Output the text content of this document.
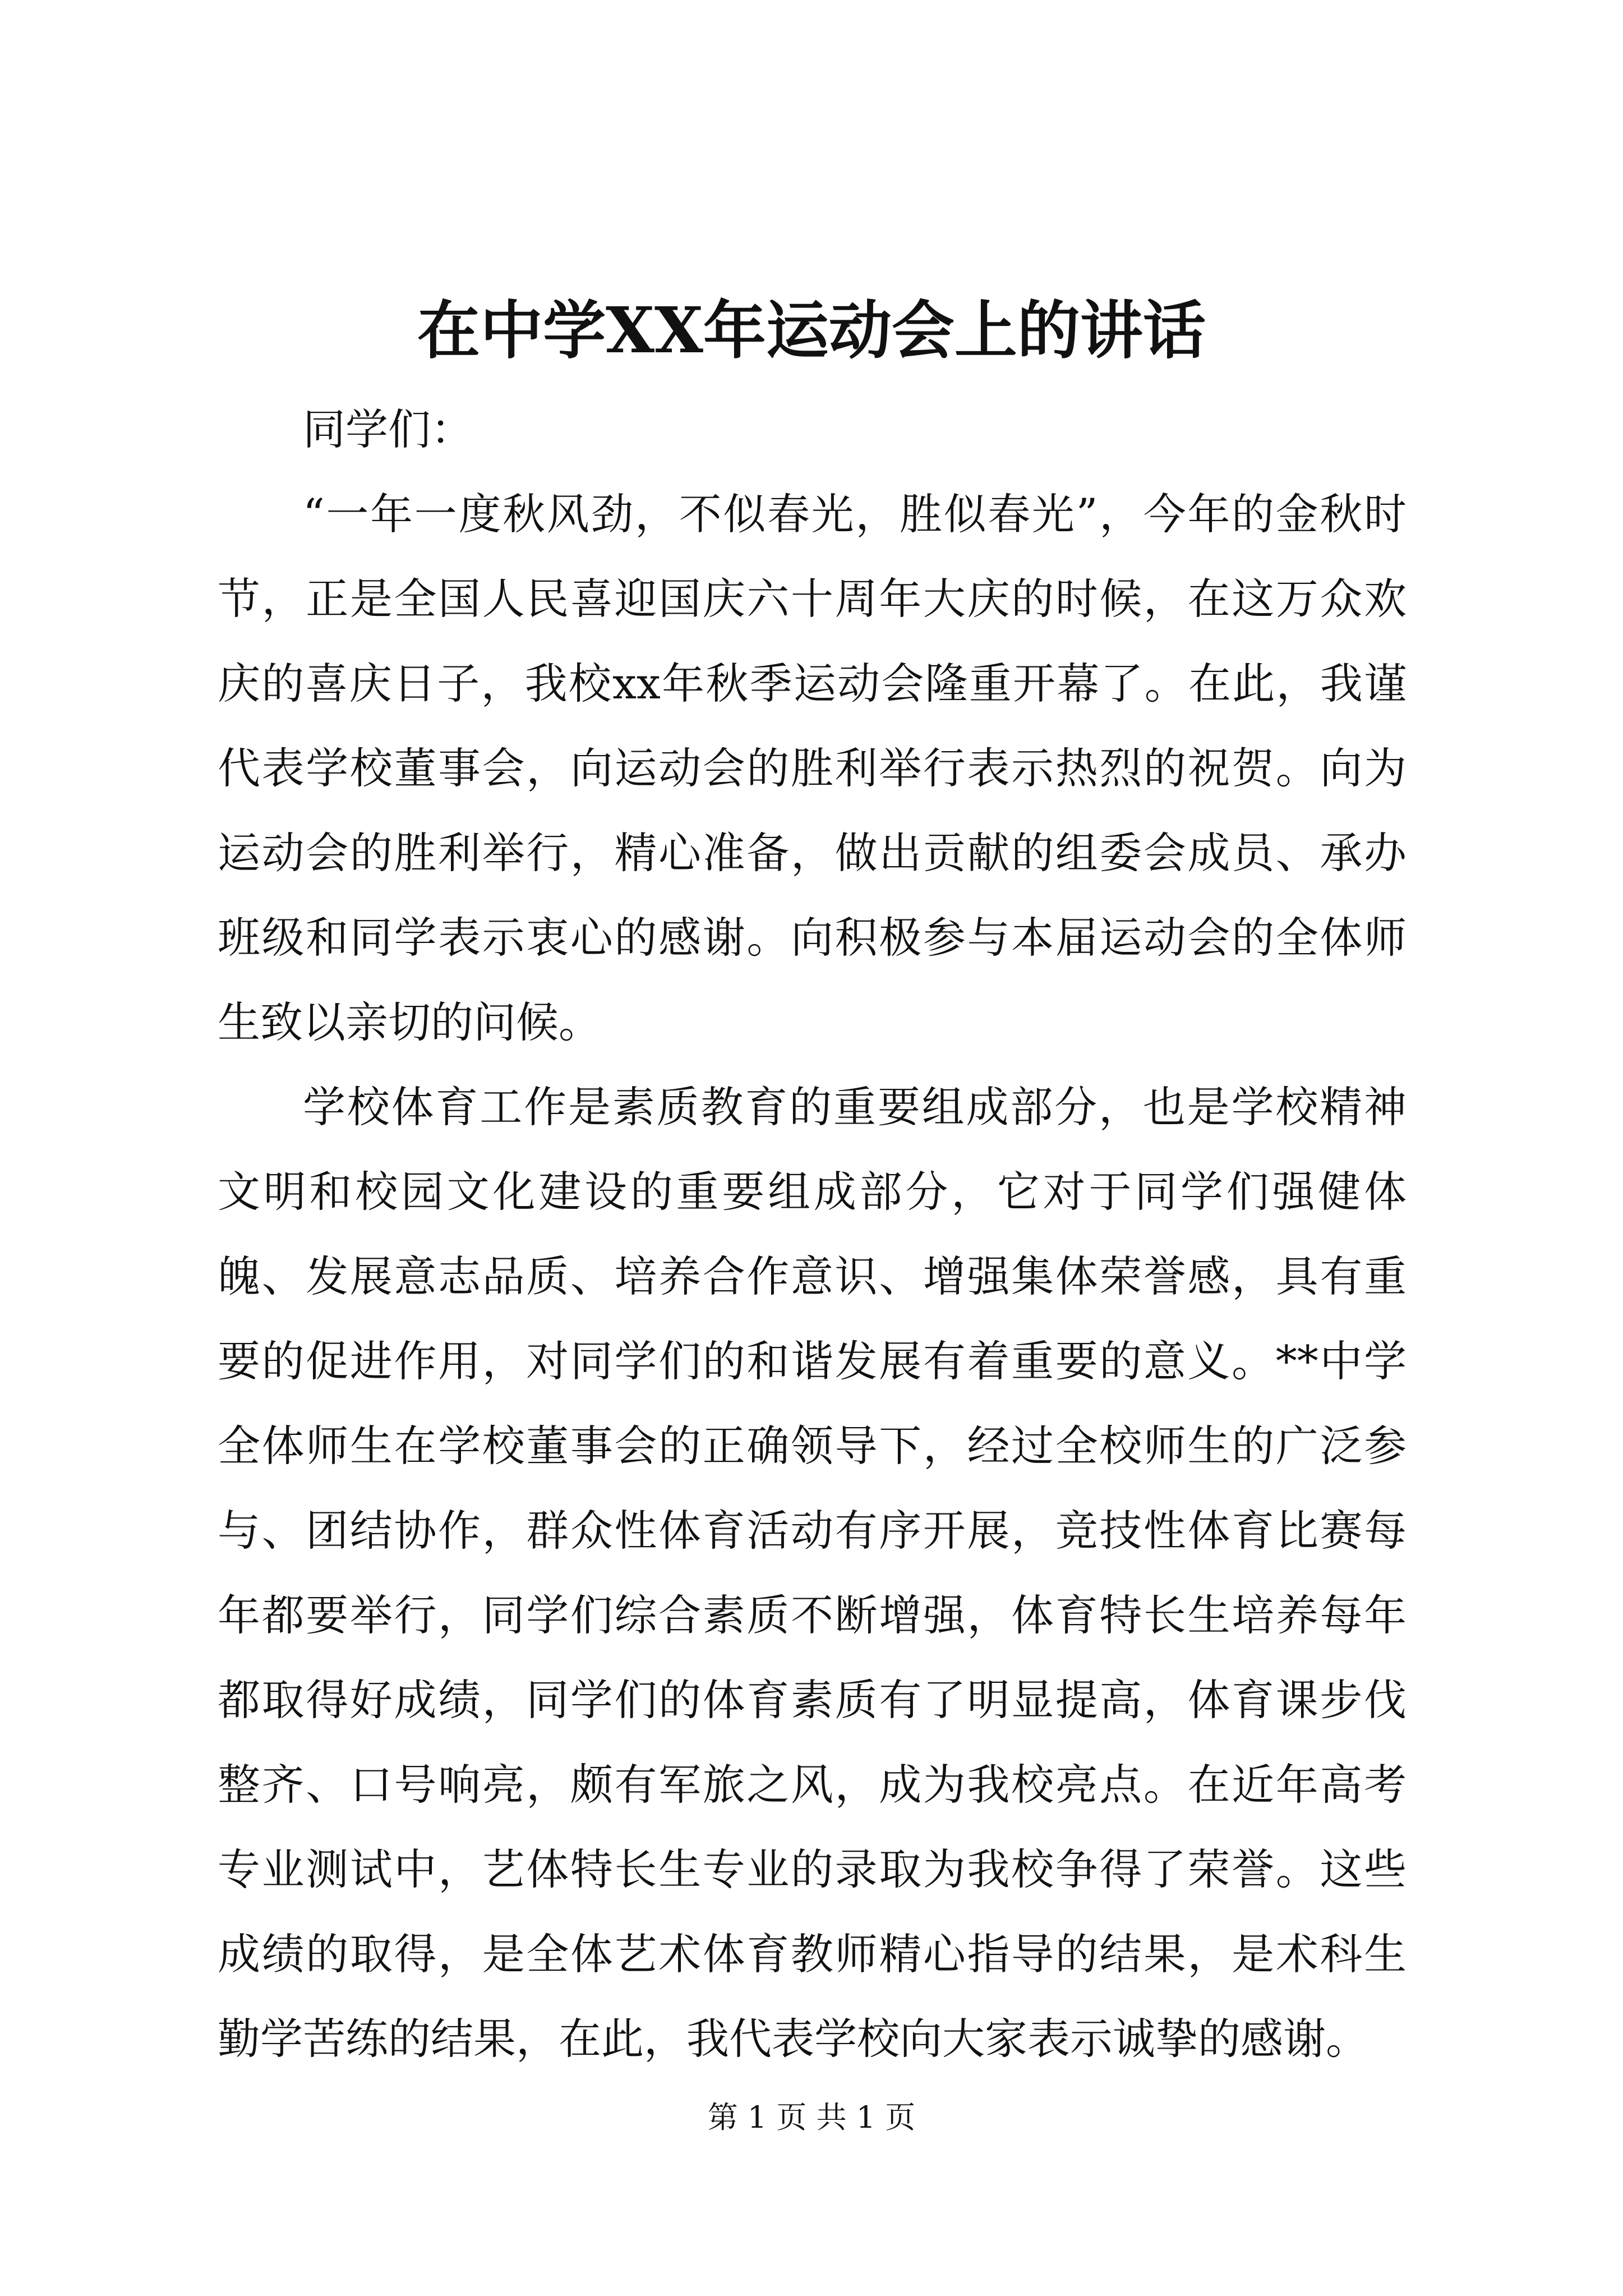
在中学XX年运动会上的讲话

同学们：

“一年一度秋风劲，不似春光，胜似春光”，今年的金秋时节，正是全国人民喜迎国庆六十周年大庆的时候，在这万众欢庆的喜庆日子，我校xx年秋季运动会隆重开幕了。在此，我谨代表学校董事会，向运动会的胜利举行表示热烈的祝贺。向为运动会的胜利举行，精心准备，做出贡献的组委会成员、承办班级和同学表示衷心的感谢。向积极参与本届运动会的全体师生致以亲切的问候。

学校体育工作是素质教育的重要组成部分，也是学校精神文明和校园文化建设的重要组成部分，它对于同学们强健体魄、发展意志品质、培养合作意识、增强集体荣誉感，具有重要的促进作用，对同学们的和谐发展有着重要的意义。**中学全体师生在学校董事会的正确领导下，经过全校师生的广泛参与、团结协作，群众性体育活动有序开展，竞技性体育比赛每年都要举行，同学们综合素质不断增强，体育特长生培养每年都取得好成绩，同学们的体育素质有了明显提高，体育课步伐整齐、口号响亮，颇有军旅之风，成为我校亮点。在近年高考专业测试中，艺体特长生专业的录取为我校争得了荣誉。这些成绩的取得，是全体艺术体育教师精心指导的结果，是术科生勤学苦练的结果，在此，我代表学校向大家表示诚挚的感谢。

第 1 页 共 1 页
